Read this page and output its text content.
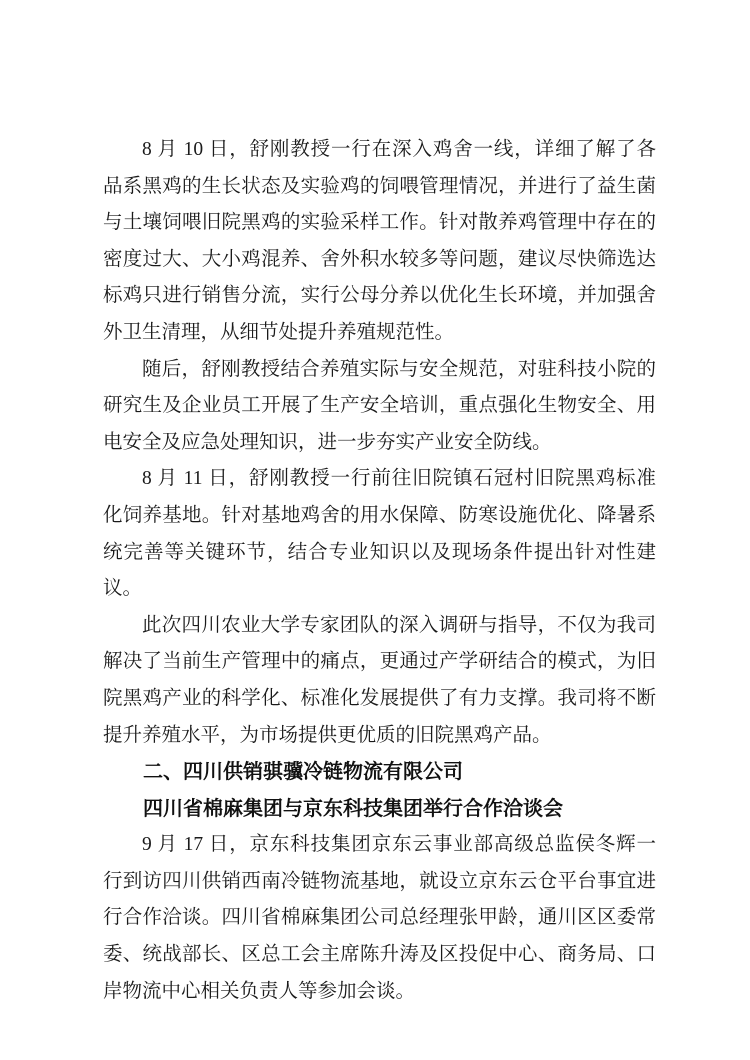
8 月 10 日，舒刚教授一行在深入鸡舍一线，详细了解了各
品系黑鸡的生长状态及实验鸡的饲喂管理情况，并进行了益生菌
与土壤饲喂旧院黑鸡的实验采样工作。针对散养鸡管理中存在的
密度过大、大小鸡混养、舍外积水较多等问题，建议尽快筛选达
标鸡只进行销售分流，实行公母分养以优化生长环境，并加强舍
外卫生清理，从细节处提升养殖规范性。

随后，舒刚教授结合养殖实际与安全规范，对驻科技小院的
研究生及企业员工开展了生产安全培训，重点强化生物安全、用
电安全及应急处理知识，进一步夯实产业安全防线。

8 月 11 日，舒刚教授一行前往旧院镇石冠村旧院黑鸡标准
化饲养基地。针对基地鸡舍的用水保障、防寒设施优化、降暑系
统完善等关键环节，结合专业知识以及现场条件提出针对性建议。

此次四川农业大学专家团队的深入调研与指导，不仅为我司
解决了当前生产管理中的痛点，更通过产学研结合的模式，为旧
院黑鸡产业的科学化、标准化发展提供了有力支撑。我司将不断
提升养殖水平，为市场提供更优质的旧院黑鸡产品。

二、四川供销骐骥冷链物流有限公司
四川省棉麻集团与京东科技集团举行合作洽谈会

9 月 17 日，京东科技集团京东云事业部高级总监侯冬辉一
行到访四川供销西南冷链物流基地，就设立京东云仓平台事宜进
行合作洽谈。四川省棉麻集团公司总经理张甲龄，通川区区委常
委、统战部长、区总工会主席陈升涛及区投促中心、商务局、口
岸物流中心相关负责人等参加会谈。
